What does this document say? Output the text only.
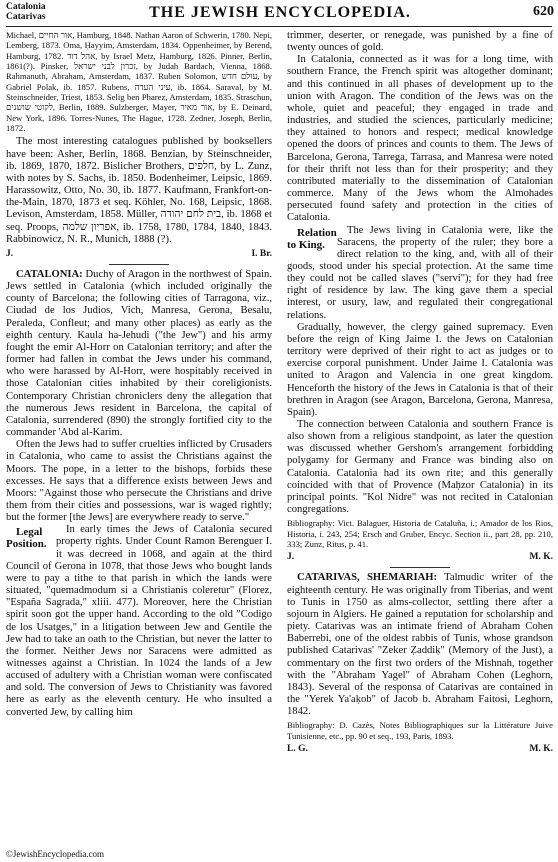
Catalonia
Catarivas	THE JEWISH ENCYCLOPEDIA.	620

Michael, אור החיים, Hamburg, 1848. Nathan Aaron of Schwerin, 1780. Nepi, Lemberg, 1873. Oma, Ḥayyim, Amsterdam, 1834. Oppenheimer, by Berend, Hamburg, 1782. אהל דוד, by Israel Metz, Hamburg, 1826. Pinner, Berlin, 1861(?). Pinsker, זכרון לבני ישראל, by Judah Bardach, Vienna, 1868. Rahmanuth, Abraham, Amsterdam, 1837. Ruben Solomon, עולם חדש, by Gabriel Polak, ib. 1857. Rubens, עיני העדה, ib. 1864. Saraval, by M. Steinschneider, Triest, 1853. Selig ben Pharez, Amsterdam, 1835. Straschun, לקוטי שושנים, Berlin, 1889. Sulzberger, Mayer, אור מאיר, by E. Deinard, New York, 1896. Torres-Nunes, The Hague, 1728. Zedner, Joseph, Berlin, 1872.

The most interesting catalogues published by booksellers have been: Asher, Berlin, 1868. Benzian, by Steinschneider, ib. 1869, 1870, 1872. Bislicher Brothers, חלפים, by L. Zunz, with notes by S. Sachs, ib. 1850. Bodenheimer, Leipsic, 1869. Harassowitz, Otto, No. 30, ib. 1877. Kaufmann, Frankfort-on-the-Main, 1870, 1873 et seq. Köhler, No. 168, Leipsic, 1868. Levison, Amsterdam, 1858. Müller, בית לחם יהודה, ib. 1868 et seq. Proops, אפריון שלמה, ib. 1758, 1780, 1784, 1840, 1843. Rabbinowicz, N. R., Munich, 1888 (?).

J.	I. Br.

CATALONIA: Duchy of Aragon in the northwest of Spain. Jews settled in Catalonia (which included originally the county of Barcelona; the following cities of Tarragona, viz., Ciudad de los Judios, Vich, Manresa, Gerona, Besalu, Peraleda, Confleut; and many other places) as early as the eighth century. Kaula ha-Jehudi ("the Jew") and his army fought the emir Al-Horr on Catalonian territory; and after the former had fallen in combat the Jews under his command, who were harassed by Al-Horr, were hospitably received in those Catalonian cities inhabited by their coreligionists. Contemporary Christian chroniclers deny the allegation that the numerous Jews resident in Barcelona, the capital of Catalonia, surrendered (890) the strongly fortified city to the commander 'Abd al-Karim.

Often the Jews had to suffer cruelties inflicted by Crusaders in Catalonia, who came to assist the Christians against the Moors. The pope, in a letter to the bishops, forbids these excesses. He says that a difference exists between Jews and Moors: "Against those who persecute the Christians and drive them from their cities and possessions, war is waged rightly; but the former [the Jews] are everywhere ready to serve."

Legal Position.
In early times the Jews of Catalonia secured property rights. Under Count Ramon Berenguer I. it was decreed in 1068, and again at the third Council of Gerona in 1078, that those Jews who bought lands were to pay a tithe to that parish in which the lands were situated, "quemadmodum si a Christianis coleretur" (Florez, "España Sagrada," xliii. 477). Moreover, here the Christian spirit soon got the upper hand. According to the old "Codigo de los Usatges," in a litigation between Jew and Gentile the Jew had to take an oath to the Christian, but never the latter to the former. Neither Jews nor Saracens were admitted as witnesses against a Christian. In 1024 the lands of a Jew accused of adultery with a Christian woman were confiscated and sold. The conversion of Jews to Christianity was favored here as early as the eleventh century. He who insulted a converted Jew, by calling him

trimmer, deserter, or renegade, was punished by a fine of twenty ounces of gold.

In Catalonia, connected as it was for a long time, with southern France, the French spirit was altogether dominant; and this continued in all phases of development up to the union with Aragon. The condition of the Jews was on the whole, quiet and peaceful; they engaged in trade and industries, and studied the sciences, particularly medicine; they attained to honors and respect; medical knowledge opened the doors of princes and counts to them. The Jews of Barcelona, Gerona, Tarrega, Tarrasa, and Manresa were noted for their thrift not less than for their prosperity; and they contributed materially to the dissemination of Catalonian commerce. Many of the Jews whom the Almohades persecuted found safety and protection in the cities of Catalonia.

Relation to King.
The Jews living in Catalonia were, like the Saracens, the property of the ruler; they bore a direct relation to the king, and, with all of their goods, stood under his special protection. At the same time they could not be called slaves ("servi"); for they had free right of residence by law. The king gave them a special interest, or usury, law, and regulated their congregational relations.

Gradually, however, the clergy gained supremacy. Even before the reign of King Jaime I. the Jews on Catalonian territory were deprived of their right to act as judges or to exercise corporal punishment. Under Jaime I. Catalonia was united to Aragon and Valencia in one great kingdom. Henceforth the history of the Jews in Catalonia is that of their brethren in Aragon (see Aragon, Barcelona, Gerona, Manresa, Spain).

The connection between Catalonia and southern France is also shown from a religious standpoint, as later the question was discussed whether Gershom's arrangement forbidding polygamy for Germany and France was binding also on Catalonia. Catalonia had its own rite; and this generally coincided with that of Provence (Maḥzor Catalonia) in its principal points. "Kol Nidre" was not recited in Catalonian congregations.

Bibliography: Vict. Balaguer, Historia de Cataluña, i.; Amador de los Rios, Historia, i. 243, 254; Ersch and Gruber, Encyc. Section ii., part 28, pp. 210, 333; Zunz, Ritus, p. 41.

J.	M. K.

CATARIVAS, SHEMARIAH: Talmudic writer of the eighteenth century. He was originally from Tiberias, and went to Tunis in 1750 as alms-collector, settling there after a sojourn in Algiers. He gained a reputation for scholarship and piety. Catarivas was an intimate friend of Abraham Cohen Baberrebi, one of the oldest rabbis of Tunis, whose grandson published Catarivas' "Zeker Ẓaddiḳ" (Memory of the Just), a commentary on the first two orders of the Mishnah, together with the "Abraham Yagel" of Abraham Cohen (Leghorn, 1843). Several of the responsa of Catarivas are contained in the "Yerek Ya'aḳob" of Jacob b. Abraham Faitosi, Leghorn, 1842.

Bibliography: D. Cazès, Notes Bibliographiques sur la Littérature Juive Tunisienne, etc., pp. 90 et seq., 193, Paris, 1893.

L. G.	M. K.
©JewishEncyclopedia.com
